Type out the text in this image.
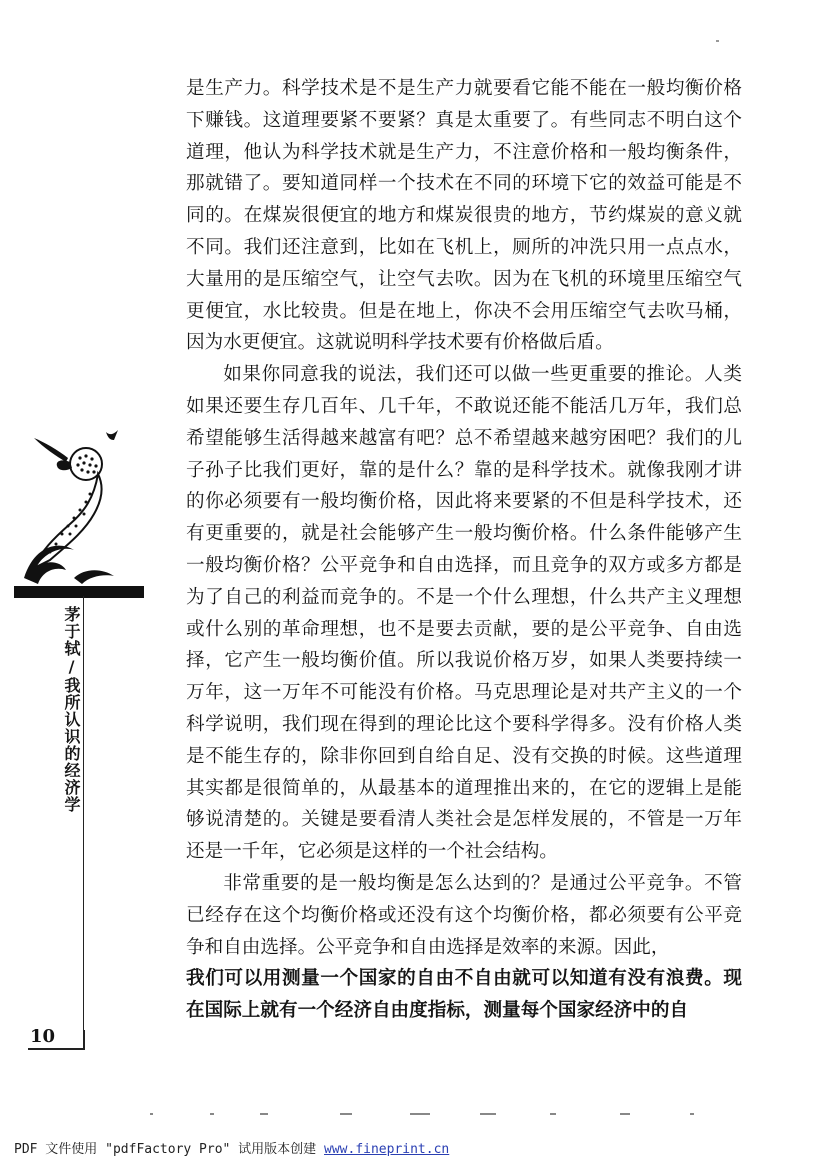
是生产力。科学技术是不是生产力就要看它能不能在一般均衡价格下赚钱。这道理要紧不要紧？真是太重要了。有些同志不明白这个道理，他认为科学技术就是生产力，不注意价格和一般均衡条件，那就错了。要知道同样一个技术在不同的环境下它的效益可能是不同的。在煤炭很便宜的地方和煤炭很贵的地方，节约煤炭的意义就不同。我们还注意到，比如在飞机上，厕所的冲洗只用一点点水，大量用的是压缩空气，让空气去吹。因为在飞机的环境里压缩空气更便宜，水比较贵。但是在地上，你决不会用压缩空气去吹马桶，因为水更便宜。这就说明科学技术要有价格做后盾。

如果你同意我的说法，我们还可以做一些更重要的推论。人类如果还要生存几百年、几千年，不敢说还能不能活几万年，我们总希望能够生活得越来越富有吧？总不希望越来越穷困吧？我们的儿子孙子比我们更好，靠的是什么？靠的是科学技术。就像我刚才讲的你必须要有一般均衡价格，因此将来要紧的不但是科学技术，还有更重要的，就是社会能够产生一般均衡价格。什么条件能够产生一般均衡价格？公平竞争和自由选择，而且竞争的双方或多方都是为了自己的利益而竞争的。不是一个什么理想，什么共产主义理想或什么别的革命理想，也不是要去贡献，要的是公平竞争、自由选择，它产生一般均衡价值。所以我说价格万岁，如果人类要持续一万年，这一万年不可能没有价格。马克思理论是对共产主义的一个科学说明，我们现在得到的理论比这个要科学得多。没有价格人类是不能生存的，除非你回到自给自足、没有交换的时候。这些道理其实都是很简单的，从最基本的道理推出来的，在它的逻辑上是能够说清楚的。关键是要看清人类社会是怎样发展的，不管是一万年还是一千年，它必须是这样的一个社会结构。

非常重要的是一般均衡是怎么达到的？是通过公平竞争。不管已经存在这个均衡价格或还没有这个均衡价格，都必须要有公平竞争和自由选择。公平竞争和自由选择是效率的来源。因此，

我们可以用测量一个国家的自由不自由就可以知道有没有浪费。现在国际上就有一个经济自由度指标，测量每个国家经济中的自

茅于轼/我所认识的经济学
10
PDF 文件使用 "pdfFactory Pro" 试用版本创建 www.fineprint.cn
